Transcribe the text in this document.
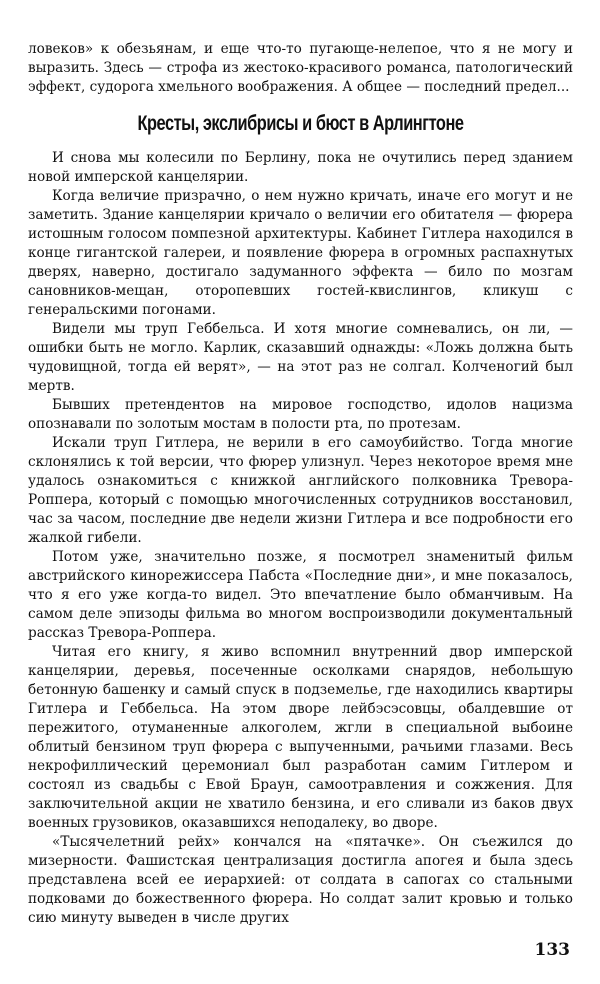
ловеков» к обезьянам, и еще что-то пугающе-нелепое, что я не могу и выразить. Здесь — строфа из жестоко-красивого романса, патологический эффект, судорога хмельного воображения. А общее — последний предел...

Кресты, экслибрисы и бюст в Арлингтоне

И снова мы колесили по Берлину, пока не очутились перед зданием новой имперской канцелярии.

Когда величие призрачно, о нем нужно кричать, иначе его могут и не заметить. Здание канцелярии кричало о величии его обитателя — фюрера истошным голосом помпезной архитектуры. Кабинет Гитлера находился в конце гигантской галереи, и появление фюрера в огромных распахнутых дверях, наверно, достигало задуманного эффекта — било по мозгам сановников-мещан, оторопевших гостей-квислингов, кликуш с генеральскими погонами.

Видели мы труп Геббельса. И хотя многие сомневались, он ли, — ошибки быть не могло. Карлик, сказавший однажды: «Ложь должна быть чудовищной, тогда ей верят», — на этот раз не солгал. Колченогий был мертв.

Бывших претендентов на мировое господство, идолов нацизма опознавали по золотым мостам в полости рта, по протезам.

Искали труп Гитлера, не верили в его самоубийство. Тогда многие склонялись к той версии, что фюрер улизнул. Через некоторое время мне удалось ознакомиться с книжкой английского полковника Тревора-Роппера, который с помощью многочисленных сотрудников восстановил, час за часом, последние две недели жизни Гитлера и все подробности его жалкой гибели.

Потом уже, значительно позже, я посмотрел знаменитый фильм австрийского кинорежиссера Пабста «Последние дни», и мне показалось, что я его уже когда-то видел. Это впечатление было обманчивым. На самом деле эпизоды фильма во многом воспроизводили документальный рассказ Тревора-Роппера.

Читая его книгу, я живо вспомнил внутренний двор имперской канцелярии, деревья, посеченные осколками снарядов, небольшую бетонную башенку и самый спуск в подземелье, где находились квартиры Гитлера и Геббельса. На этом дворе лейбэсэсовцы, обалдевшие от пережитого, отуманенные алкоголем, жгли в специальной выбоине облитый бензином труп фюрера с выпученными, рачьими глазами. Весь некрофиллический церемониал был разработан самим Гитлером и состоял из свадьбы с Евой Браун, самоотравления и сожжения. Для заключительной акции не хватило бензина, и его сливали из баков двух военных грузовиков, оказавшихся неподалеку, во дворе.

«Тысячелетний рейх» кончался на «пятачке». Он съежился до мизерности. Фашистская централизация достигла апогея и была здесь представлена всей ее иерархией: от солдата в сапогах со стальными подковами до божественного фюрера. Но солдат залит кровью и только сию минуту выведен в числе других

133
